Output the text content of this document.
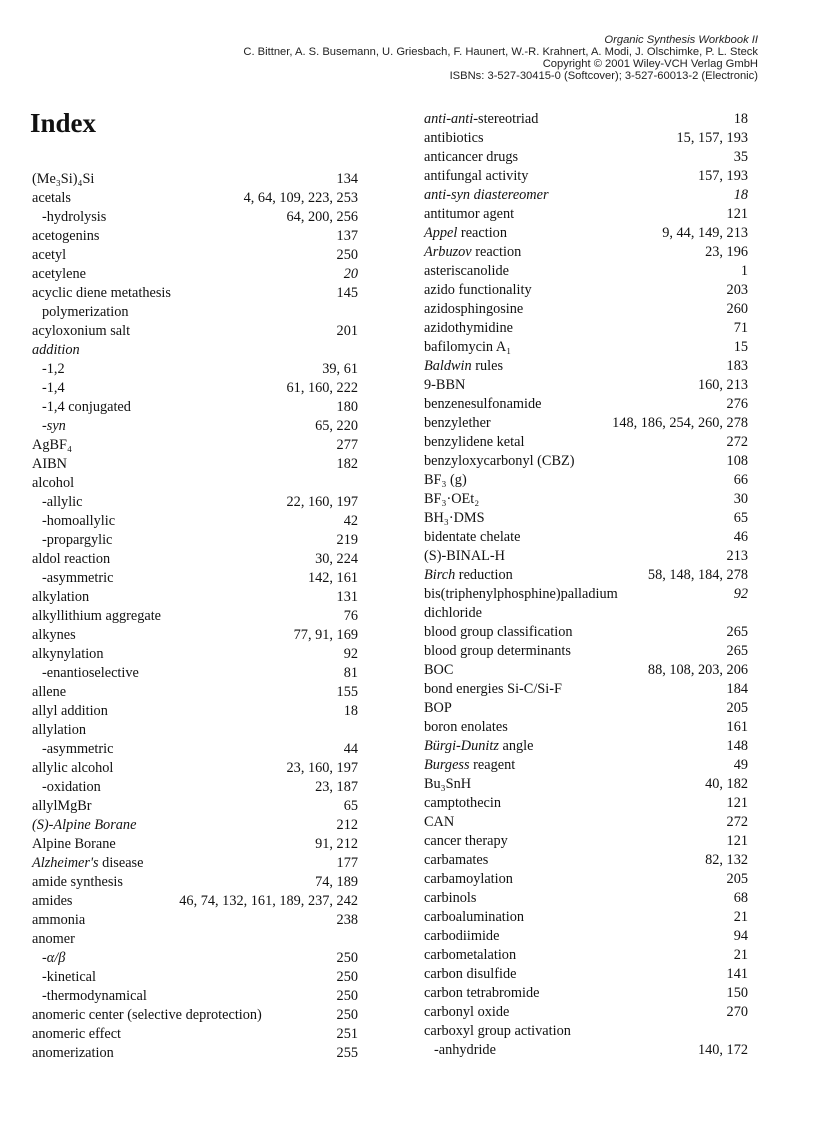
Organic Synthesis Workbook II
C. Bittner, A. S. Busemann, U. Griesbach, F. Haunert, W.-R. Krahnert, A. Modi, J. Olschimke, P. L. Steck
Copyright © 2001 Wiley-VCH Verlag GmbH
ISBNs: 3-527-30415-0 (Softcover); 3-527-60013-2 (Electronic)
Index
(Me₃Si)₄Si	134
acetals	4, 64, 109, 223, 253
-hydrolysis	64, 200, 256
acetogenins	137
acetyl	250
acetylene	20
acyclic diene metathesis	145
polymerization
acyloxonium salt	201
addition
-1,2	39, 61
-1,4	61, 160, 222
-1,4 conjugated	180
-syn	65, 220
AgBF₄	277
AIBN	182
alcohol
-allylic	22, 160, 197
-homoallylic	42
-propargylic	219
aldol reaction	30, 224
-asymmetric	142, 161
alkylation	131
alkyllithium aggregate	76
alkynes	77, 91, 169
alkynylation	92
-enantioselective	81
allene	155
allyl addition	18
allylation
-asymmetric	44
allylic alcohol	23, 160, 197
-oxidation	23, 187
allylMgBr	65
(S)-Alpine Borane	212
Alpine Borane	91, 212
Alzheimer's disease	177
amide synthesis	74, 189
amides	46, 74, 132, 161, 189, 237, 242
ammonia	238
anomer
-α/β	250
-kinetical	250
-thermodynamical	250
anomeric center (selective deprotection)	250
anomeric effect	251
anomerization	255
anti-anti-stereotriad	18
antibiotics	15, 157, 193
anticancer drugs	35
antifungal activity	157, 193
anti-syn diastereomer	18
antitumor agent	121
Appel reaction	9, 44, 149, 213
Arbuzov reaction	23, 196
asteriscanolide	1
azido functionality	203
azidosphingosine	260
azidothymidine	71
bafilomycin A₁	15
Baldwin rules	183
9-BBN	160, 213
benzenesulfonamide	276
benzylether	148, 186, 254, 260, 278
benzylidene ketal	272
benzyloxycarbonyl (CBZ)	108
BF₃ (g)	66
BF₃·OEt₂	30
BH₃·DMS	65
bidentate chelate	46
(S)-BINAL-H	213
Birch reduction	58, 148, 184, 278
bis(triphenylphosphine)palladium	92
dichloride
blood group classification	265
blood group determinants	265
BOC	88, 108, 203, 206
bond energies Si-C/Si-F	184
BOP	205
boron enolates	161
Bürgi-Dunitz angle	148
Burgess reagent	49
Bu₃SnH	40, 182
camptothecin	121
CAN	272
cancer therapy	121
carbamates	82, 132
carbamoylation	205
carbinols	68
carboalumination	21
carbodiimide	94
carbometalation	21
carbon disulfide	141
carbon tetrabromide	150
carbonyl oxide	270
carboxyl group activation
-anhydride	140, 172
